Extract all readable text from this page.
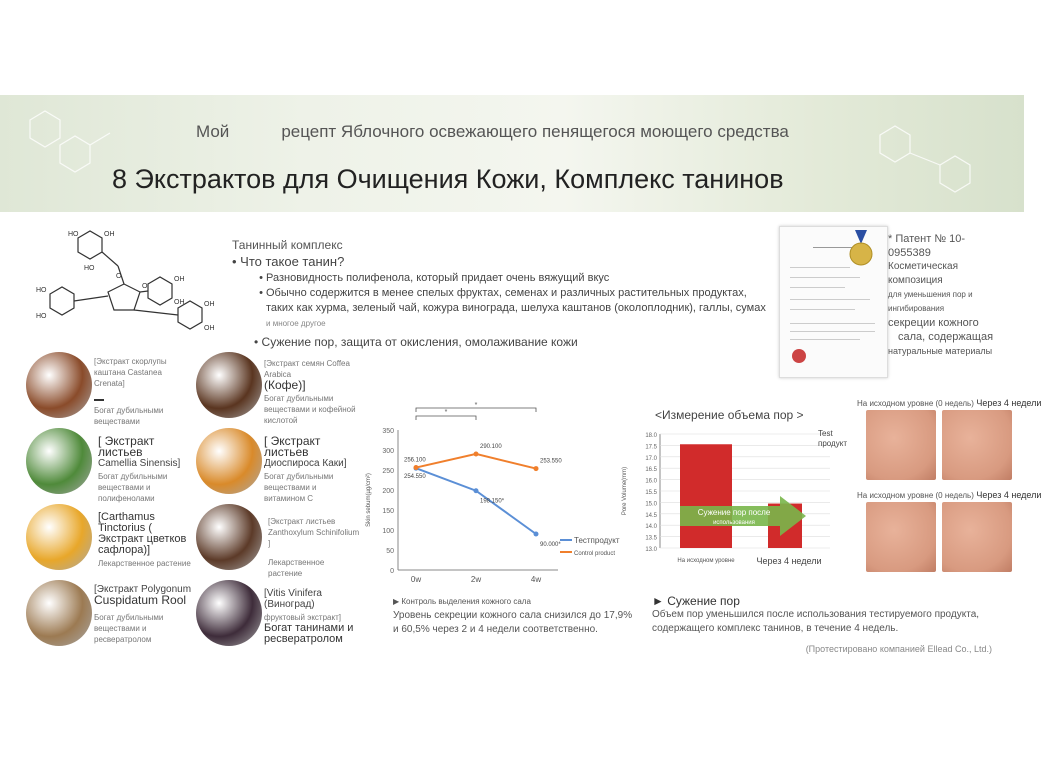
Мой	рецепт Яблочного освежающего пенящегося моющего средства
8 Экстрактов для Очищения Кожи, Комплекс танинов
HO	OH
HO
OH
OH
HO
HO
OH
OH
O
O
Танинный комплекс
• Что такое танин?
• Разновидность полифенола, который придает очень вяжущий вкус
• Обычно содержится в менее спелых фруктах, семенах и различных растительных продуктах, таких как хурма, зеленый чай, кожура винограда, шелуха каштанов (околоплодник), галлы, сумах
и многое другое
• Сужение пор, защита от окисления, омолаживание кожи
* Патент № 10-0955389
Косметическая композиция
для уменьшения пор и ингибирования
секреции кожного
сала, содержащая
натуральные материалы
[Экстракт скорлупы каштана Castanea Crenata]
Богат дубильными веществами
[Экстракт семян Coffea Arabica
(Кофе)]
Богат дубильными веществами и кофейной кислотой
[ Экстракт листьев
Camellia Sinensis]
Богат дубильными веществами и полифенолами
[ Экстракт листьев
Диоспироса Каки]
Богат дубильными веществами и витамином C
[Carthamus Tinctorius ( Экстракт цветков сафлора)]
Лекарственное растение
[Экстракт листьев Zanthoxylum Schinifolium ]
Лекарственное растение
[Экстракт Polygonum
Cuspidatum Rool
Богат дубильными веществами и ресвератролом
[Vitis Vinifera (Виноград)
фруктовый экстракт]
Богат танинами и ресвератролом
0
50
100
150
200
250
300
350
0w	2w	4w
Skin sebum(µg/cm²)	254.550
198.150*
90.000*
256.100
290.100
253.550
*
*
Тестпродукт
Control product
▶ Контроль выделения кожного сала
Уровень секреции кожного сала снизился до 17,9% и 60,5% через 2 и 4 недели соответственно.
<Измерение объема пор >
13.0
13.5
14.0
14.5
15.0
15.5
16.0
16.5
17.0
17.5
18.0
Pore Volume(mm)
На исходном уровне Через 4 недели
Сужение пор после
использования
Test
продукт
► Сужение пор
Объем пор уменьшился после использования тестируемого продукта, содержащего комплекс танинов, в течение 4 недель.
(Протестировано компанией Ellead Co., Ltd.)
На исходном уровне (0 недель) Через 4 недели
На исходном уровне (0 недель) Через 4 недели
